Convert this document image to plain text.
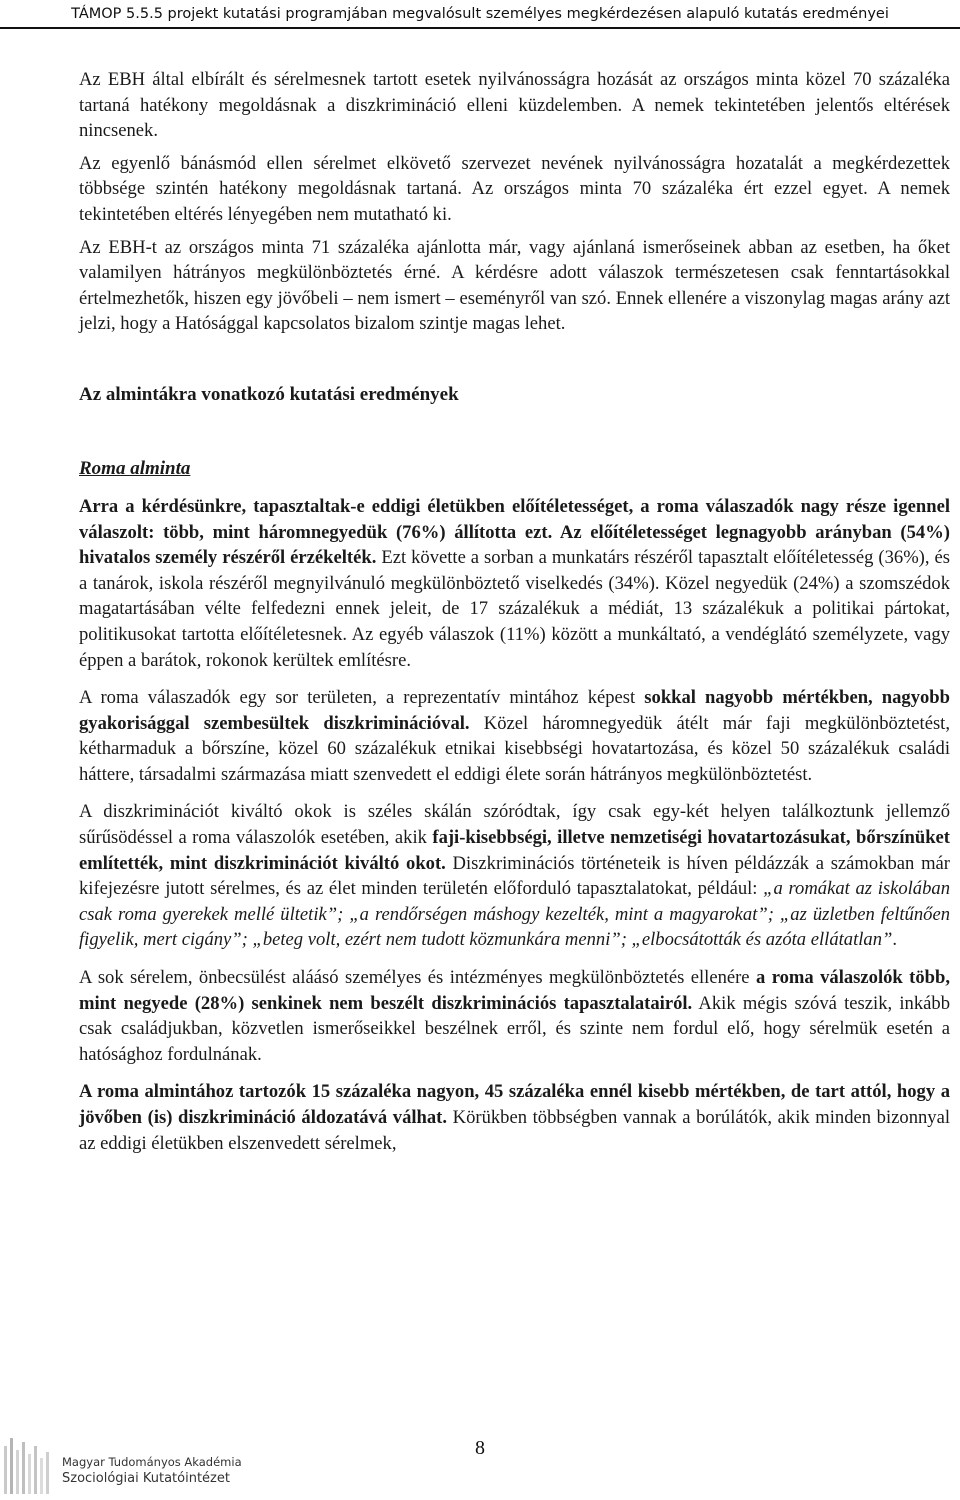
TÁMOP 5.5.5 projekt kutatási programjában megvalósult személyes megkérdezésen alapuló kutatás eredményei

Az EBH által elbírált és sérelmesnek tartott esetek nyilvánosságra hozását az országos minta közel 70 százaléka tartaná hatékony megoldásnak a diszkrimináció elleni küzdelemben. A nemek tekintetében jelentős eltérések nincsenek.

Az egyenlő bánásmód ellen sérelmet elkövető szervezet nevének nyilvánosságra hozatalát a megkérdezettek többsége szintén hatékony megoldásnak tartaná. Az országos minta 70 százaléka ért ezzel egyet. A nemek tekintetében eltérés lényegében nem mutatható ki.

Az EBH-t az országos minta 71 százaléka ajánlotta már, vagy ajánlaná ismerőseinek abban az esetben, ha őket valamilyen hátrányos megkülönböztetés érné. A kérdésre adott válaszok természetesen csak fenntartásokkal értelmezhetők, hiszen egy jövőbeli – nem ismert – eseményről van szó. Ennek ellenére a viszonylag magas arány azt jelzi, hogy a Hatósággal kapcsolatos bizalom szintje magas lehet.

Az almintákra vonatkozó kutatási eredmények

Roma alminta

Arra a kérdésünkre, tapasztaltak-e eddigi életükben előítéletességet, a roma válaszadók nagy része igennel válaszolt: több, mint háromnegyedük (76%) állította ezt. Az előítéletességet legnagyobb arányban (54%) hivatalos személy részéről érzékelték. Ezt követte a sorban a munkatárs részéről tapasztalt előítéletesség (36%), és a tanárok, iskola részéről megnyilvánuló megkülönböztető viselkedés (34%). Közel negyedük (24%) a szomszédok magatartásában vélte felfedezni ennek jeleit, de 17 százalékuk a médiát, 13 százalékuk a politikai pártokat, politikusokat tartotta előítéletesnek. Az egyéb válaszok (11%) között a munkáltató, a vendéglátó személyzete, vagy éppen a barátok, rokonok kerültek említésre.

A roma válaszadók egy sor területen, a reprezentatív mintához képest sokkal nagyobb mértékben, nagyobb gyakorisággal szembesültek diszkriminációval. Közel háromnegyedük átélt már faji megkülönböztetést, kétharmaduk a bőrszíne, közel 60 százalékuk etnikai kisebbségi hovatartozása, és közel 50 százalékuk családi háttere, társadalmi származása miatt szenvedett el eddigi élete során hátrányos megkülönböztetést.

A diszkriminációt kiváltó okok is széles skálán szóródtak, így csak egy-két helyen találkoztunk jellemző sűrűsödéssel a roma válaszolók esetében, akik faji-kisebbségi, illetve nemzetiségi hovatartozásukat, bőrszínüket említették, mint diszkriminációt kiváltó okot. Diszkriminációs történeteik is híven példázzák a számokban már kifejezésre jutott sérelmes, és az élet minden területén előforduló tapasztalatokat, például: „a romákat az iskolában csak roma gyerekek mellé ültetik”; „a rendőrségen máshogy kezelték, mint a magyarokat”; „az üzletben feltűnően figyelik, mert cigány”; „beteg volt, ezért nem tudott közmunkára menni”; „elbocsátották és azóta ellátatlan”.

A sok sérelem, önbecsülést aláásó személyes és intézményes megkülönböztetés ellenére a roma válaszolók több, mint negyede (28%) senkinek nem beszélt diszkriminációs tapasztalatairól. Akik mégis szóvá teszik, inkább csak családjukban, közvetlen ismerőseikkel beszélnek erről, és szinte nem fordul elő, hogy sérelmük esetén a hatósághoz fordulnának.

A roma almintához tartozók 15 százaléka nagyon, 45 százaléka ennél kisebb mértékben, de tart attól, hogy a jövőben (is) diszkrimináció áldozatává válhat. Körükben többségben vannak a borúlátók, akik minden bizonnyal az eddigi életükben elszenvedett sérelmek,

8
Magyar Tudományos Akadémia
Szociológiai Kutatóintézet
